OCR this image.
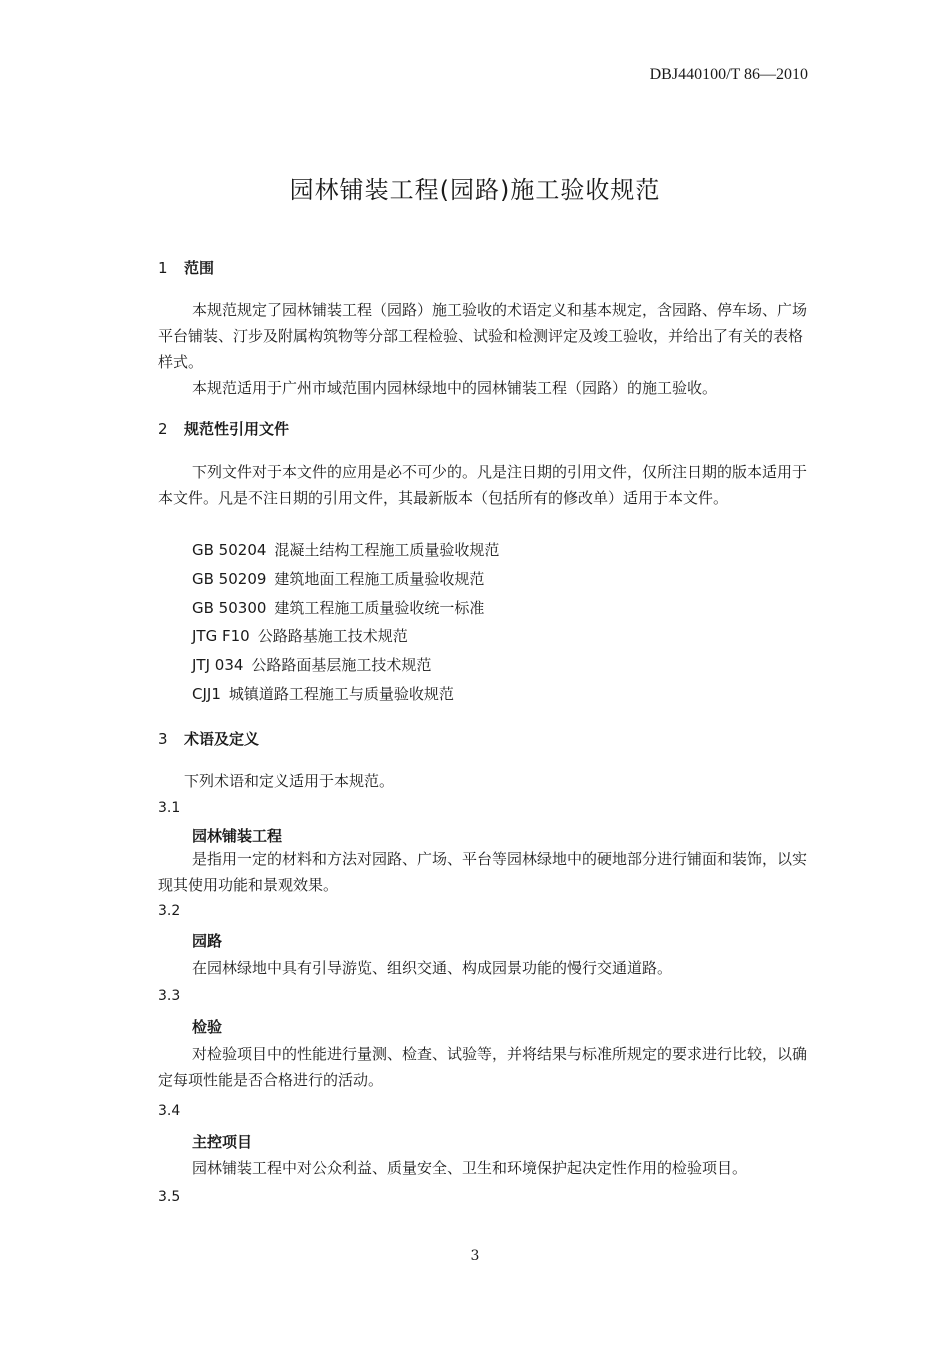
DBJ440100/T 86—2010
园林铺装工程(园路)施工验收规范
1 范围

本规范规定了园林铺装工程（园路）施工验收的术语定义和基本规定，含园路、停车场、广场平台铺装、汀步及附属构筑物等分部工程检验、试验和检测评定及竣工验收，并给出了有关的表格样式。

本规范适用于广州市域范围内园林绿地中的园林铺装工程（园路）的施工验收。

2 规范性引用文件

下列文件对于本文件的应用是必不可少的。凡是注日期的引用文件，仅所注日期的版本适用于本文件。凡是不注日期的引用文件，其最新版本（包括所有的修改单）适用于本文件。

GB 50204 混凝土结构工程施工质量验收规范
GB 50209 建筑地面工程施工质量验收规范
GB 50300 建筑工程施工质量验收统一标准
JTG F10 公路路基施工技术规范
JTJ 034 公路路面基层施工技术规范
CJJ1 城镇道路工程施工与质量验收规范
3 术语及定义
下列术语和定义适用于本规范。
3.1
园林铺装工程
是指用一定的材料和方法对园路、广场、平台等园林绿地中的硬地部分进行铺面和装饰，以实现其使用功能和景观效果。
3.2
园路
在园林绿地中具有引导游览、组织交通、构成园景功能的慢行交通道路。
3.3
检验
对检验项目中的性能进行量测、检查、试验等，并将结果与标准所规定的要求进行比较，以确定每项性能是否合格进行的活动。
3.4
主控项目
园林铺装工程中对公众利益、质量安全、卫生和环境保护起决定性作用的检验项目。
3.5
3
